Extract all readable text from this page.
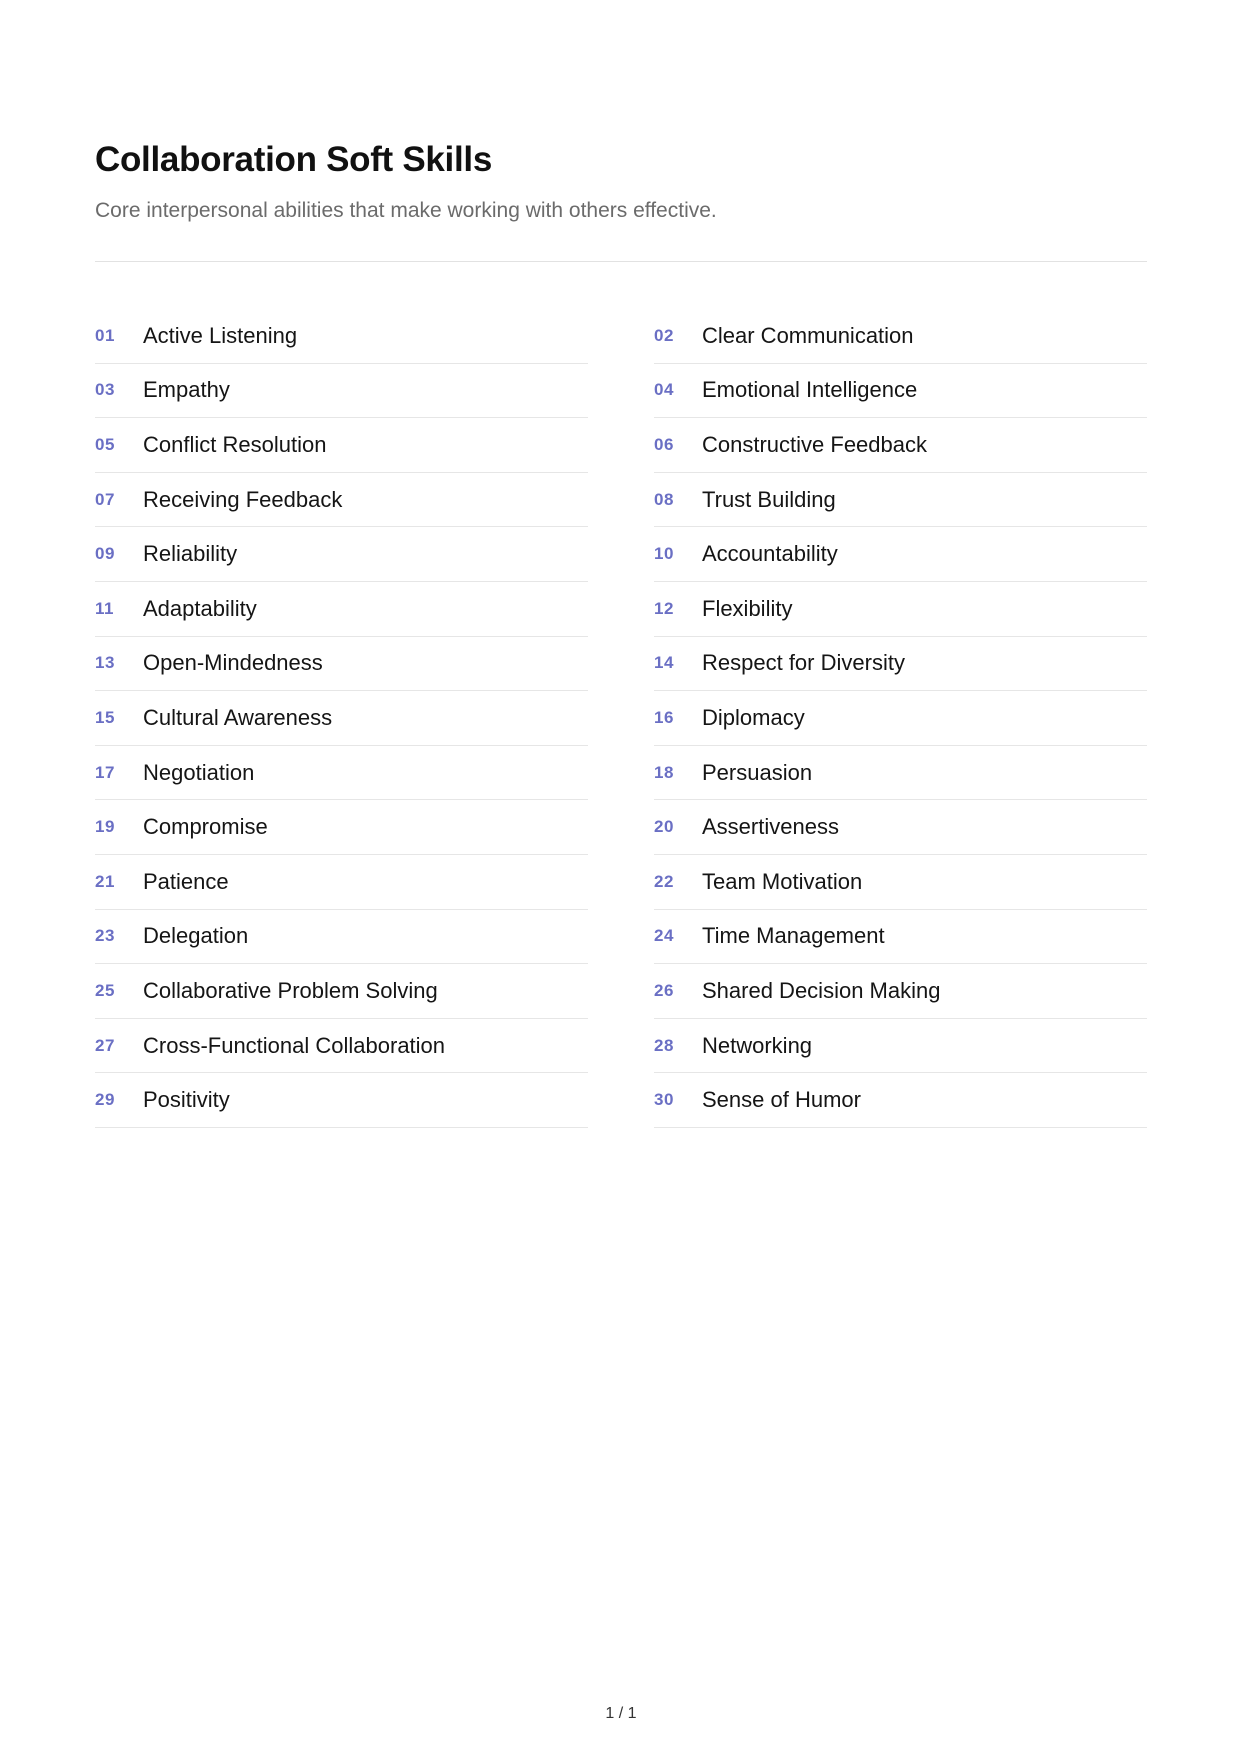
Collaboration Soft Skills

Core interpersonal abilities that make working with others effective.

01	Active Listening	02	Clear Communication
03	Empathy	04	Emotional Intelligence
05	Conflict Resolution	06	Constructive Feedback
07	Receiving Feedback	08	Trust Building
09	Reliability	10	Accountability
11	Adaptability	12	Flexibility
13	Open-Mindedness	14	Respect for Diversity
15	Cultural Awareness	16	Diplomacy
17	Negotiation	18	Persuasion
19	Compromise	20	Assertiveness
21	Patience	22	Team Motivation
23	Delegation	24	Time Management
25	Collaborative Problem Solving	26	Shared Decision Making
27	Cross-Functional Collaboration	28	Networking
29	Positivity	30	Sense of Humor
1 / 1
